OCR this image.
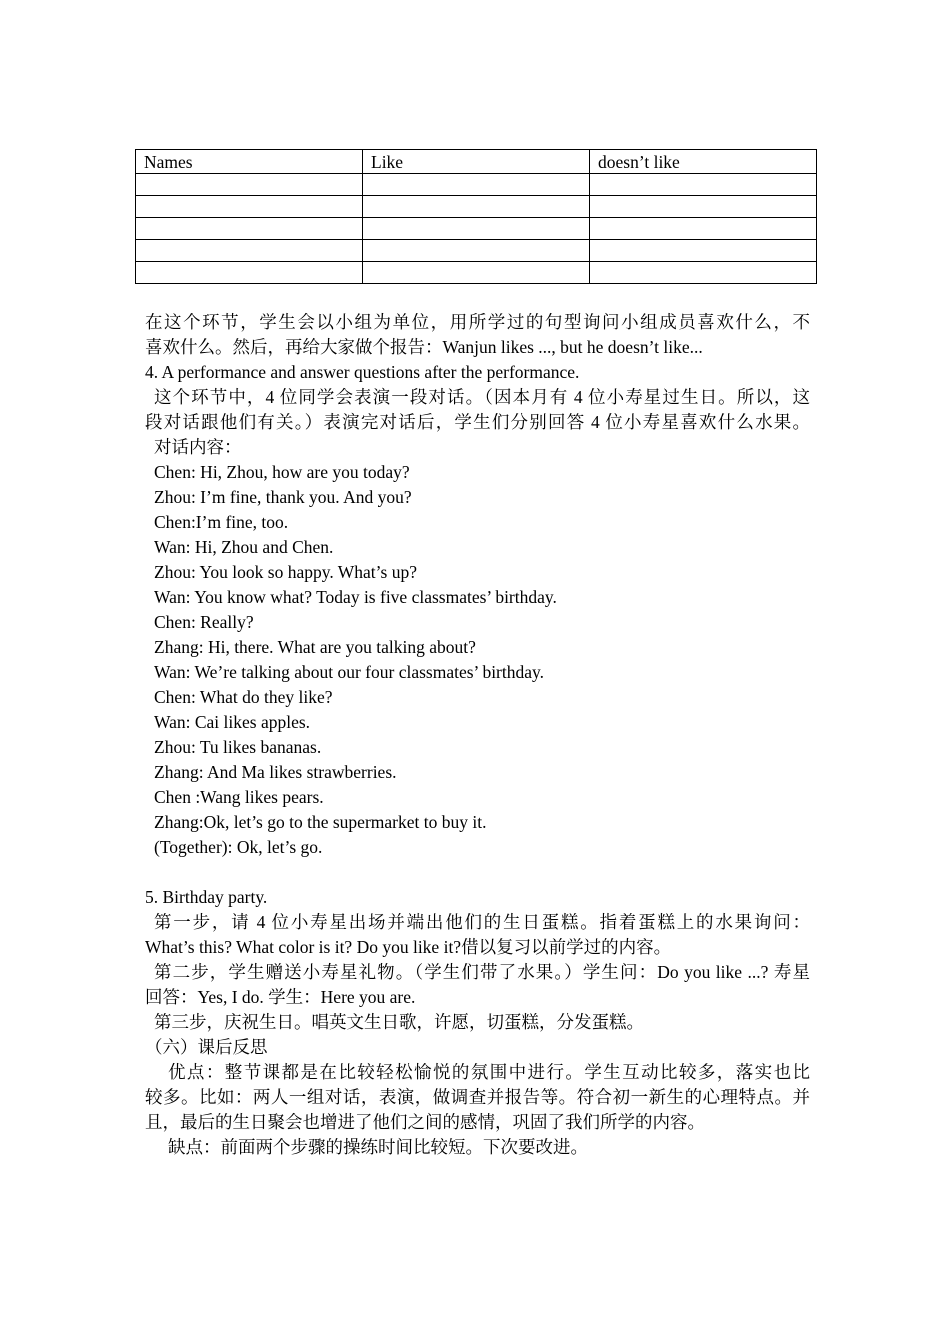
Names	Like	doesn’t like

在这个环节，学生会以小组为单位，用所学过的句型询问小组成员喜欢什么，不
喜欢什么。然后，再给大家做个报告：Wanjun likes ..., but he doesn’t like...
4. A performance and answer questions after the performance.
这个环节中，4 位同学会表演一段对话。（因本月有 4 位小寿星过生日。所以，这
段对话跟他们有关。）表演完对话后，学生们分别回答 4 位小寿星喜欢什么水果。
对话内容：
Chen: Hi, Zhou, how are you today?
Zhou: I’m fine, thank you. And you?
Chen:I’m fine, too.
Wan: Hi, Zhou and Chen.
Zhou: You look so happy. What’s up?
Wan: You know what? Today is five classmates’ birthday.
Chen: Really?
Zhang: Hi, there. What are you talking about?
Wan: We’re talking about our four classmates’ birthday.
Chen: What do they like?
Wan: Cai likes apples.
Zhou: Tu likes bananas.
Zhang: And Ma likes strawberries.
Chen :Wang likes pears.
Zhang:Ok, let’s go to the supermarket to buy it.
(Together): Ok, let’s go.
5. Birthday party.
第一步，请 4 位小寿星出场并端出他们的生日蛋糕。指着蛋糕上的水果询问：
What’s this? What color is it? Do you like it?借以复习以前学过的内容。
第二步，学生赠送小寿星礼物。（学生们带了水果。）学生问：Do you like ...? 寿星
回答：Yes, I do. 学生：Here you are.
第三步，庆祝生日。唱英文生日歌，许愿，切蛋糕，分发蛋糕。
（六）课后反思
优点：整节课都是在比较轻松愉悦的氛围中进行。学生互动比较多，落实也比
较多。比如：两人一组对话，表演，做调查并报告等。符合初一新生的心理特点。并
且，最后的生日聚会也增进了他们之间的感情，巩固了我们所学的内容。
缺点：前面两个步骤的操练时间比较短。下次要改进。
